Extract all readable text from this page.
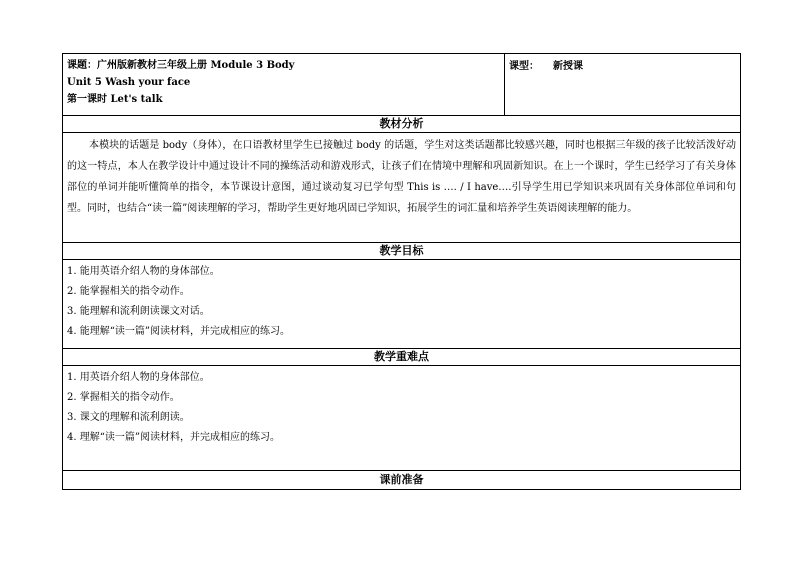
课题：广州版新教材三年级上册 Module 3 Body
Unit 5 Wash your face
第一课时 Let's talk
	课型： 新授课
教材分析
本模块的话题是 body（身体），在口语教材里学生已接触过 body 的话题，学生对这类话题都比较感兴趣，同时也根据三年级的孩子比较活泼好动的这一特点，本人在教学设计中通过设计不同的操练活动和游戏形式，让孩子们在情境中理解和巩固新知识。在上一个课时，学生已经学习了有关身体部位的单词并能听懂简单的指令，本节课设计意图，通过谈动复习已学句型 This is …. / I have….引导学生用已学知识来巩固有关身体部位单词和句型。同时，也结合“读一篇”阅读理解的学习，帮助学生更好地巩固已学知识，拓展学生的词汇量和培养学生英语阅读理解的能力。
教学目标

1. 能用英语介绍人物的身体部位。
2. 能掌握相关的指令动作。
3. 能理解和流利朗读课文对话。
4. 能理解“读一篇”阅读材料，并完成相应的练习。

教学重难点

1. 用英语介绍人物的身体部位。
2. 掌握相关的指令动作。
3. 课文的理解和流利朗读。
4. 理解“读一篇”阅读材料，并完成相应的练习。

课前准备
